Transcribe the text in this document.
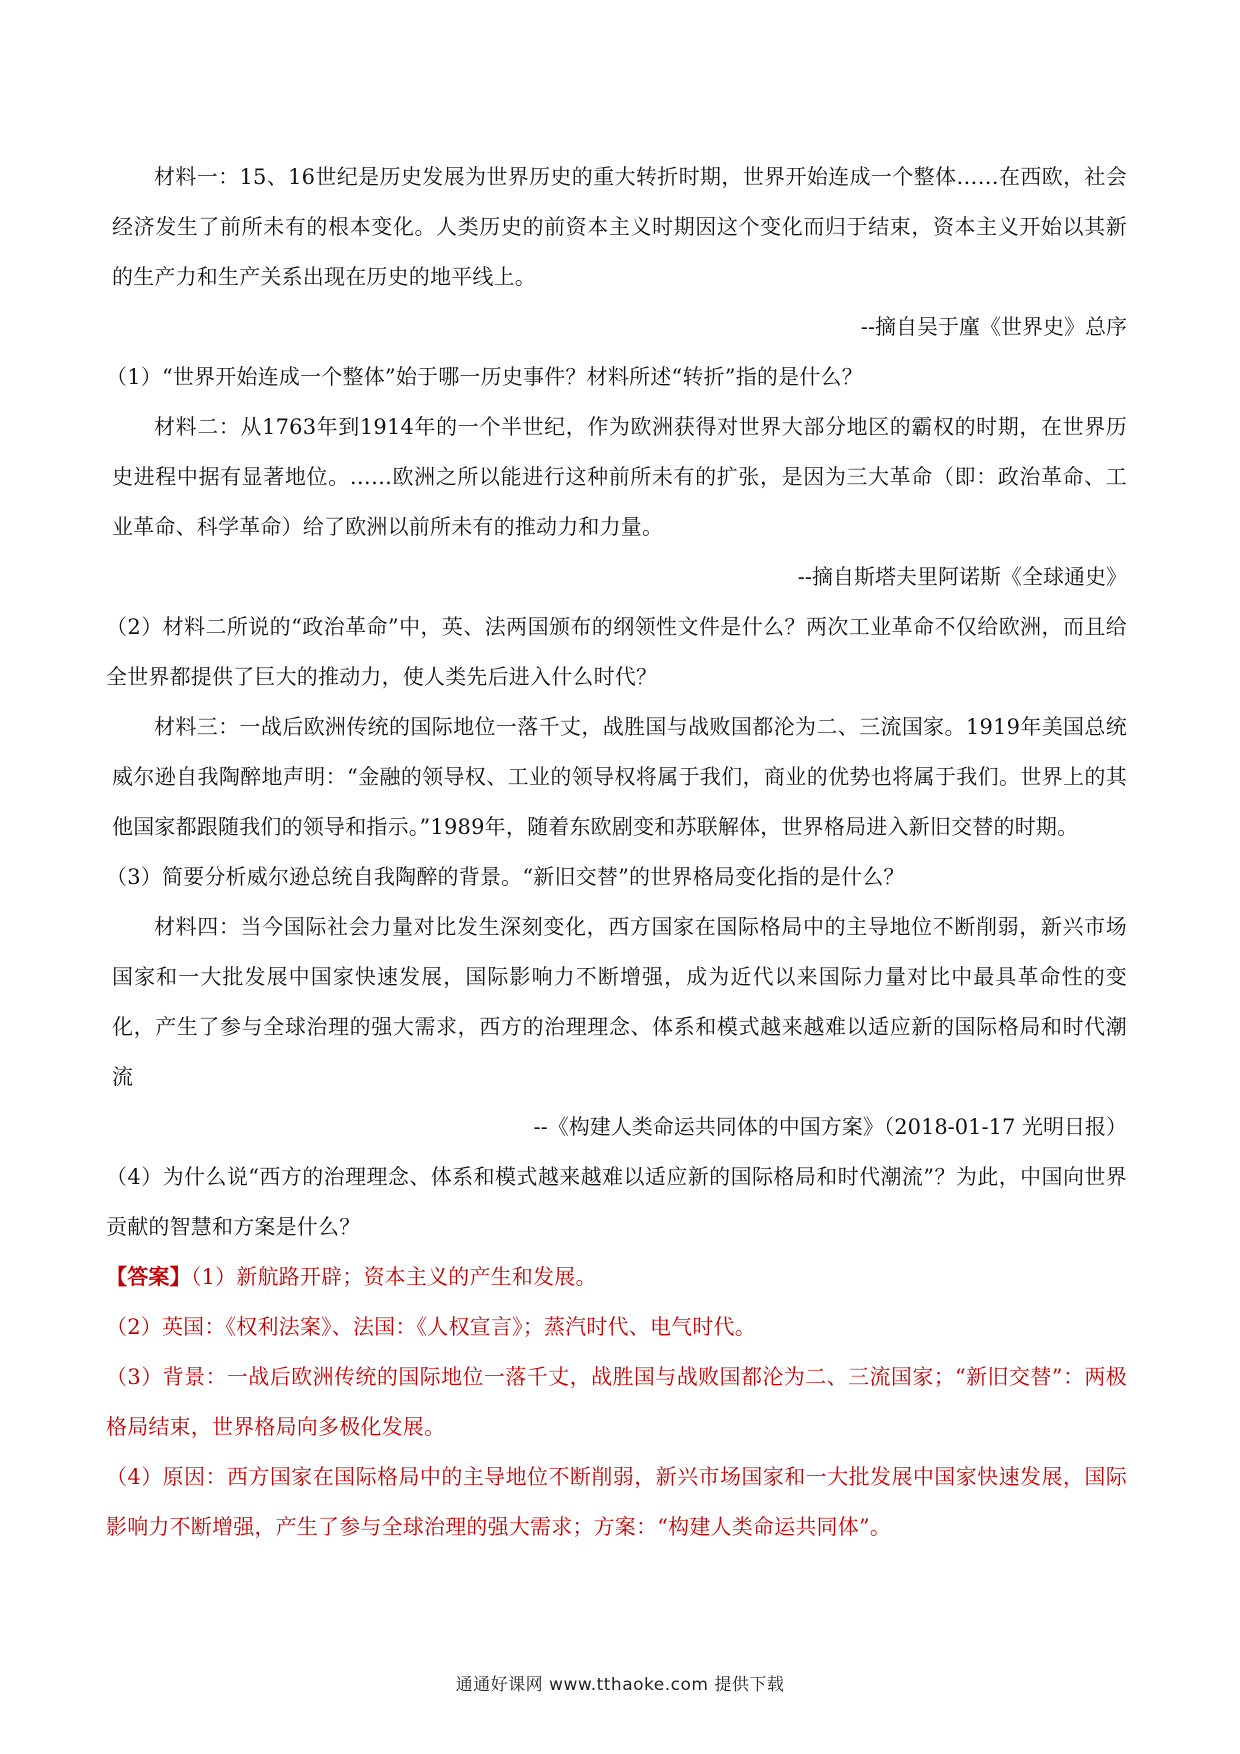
材料一：15、16世纪是历史发展为世界历史的重大转折时期，世界开始连成一个整体……在西欧，社会经济发生了前所未有的根本变化。人类历史的前资本主义时期因这个变化而归于结束，资本主义开始以其新的生产力和生产关系出现在历史的地平线上。

--摘自吴于廑《世界史》总序

（1）“世界开始连成一个整体”始于哪一历史事件？材料所述“转折”指的是什么？

材料二：从1763年到1914年的一个半世纪，作为欧洲获得对世界大部分地区的霸权的时期，在世界历史进程中据有显著地位。……欧洲之所以能进行这种前所未有的扩张，是因为三大革命（即：政治革命、工业革命、科学革命）给了欧洲以前所未有的推动力和力量。

--摘自斯塔夫里阿诺斯《全球通史》

（2）材料二所说的“政治革命”中，英、法两国颁布的纲领性文件是什么？两次工业革命不仅给欧洲，而且给全世界都提供了巨大的推动力，使人类先后进入什么时代？

材料三：一战后欧洲传统的国际地位一落千丈，战胜国与战败国都沦为二、三流国家。1919年美国总统威尔逊自我陶醉地声明：“金融的领导权、工业的领导权将属于我们，商业的优势也将属于我们。世界上的其他国家都跟随我们的领导和指示。”1989年，随着东欧剧变和苏联解体，世界格局进入新旧交替的时期。

（3）简要分析威尔逊总统自我陶醉的背景。“新旧交替”的世界格局变化指的是什么？

材料四：当今国际社会力量对比发生深刻变化，西方国家在国际格局中的主导地位不断削弱，新兴市场国家和一大批发展中国家快速发展，国际影响力不断增强，成为近代以来国际力量对比中最具革命性的变化，产生了参与全球治理的强大需求，西方的治理理念、体系和模式越来越难以适应新的国际格局和时代潮流

--《构建人类命运共同体的中国方案》（2018-01-17 光明日报）

（4）为什么说“西方的治理理念、体系和模式越来越难以适应新的国际格局和时代潮流”？为此，中国向世界贡献的智慧和方案是什么？

【答案】（1）新航路开辟；资本主义的产生和发展。

（2）英国：《权利法案》、法国：《人权宣言》；蒸汽时代、电气时代。

（3）背景：一战后欧洲传统的国际地位一落千丈，战胜国与战败国都沦为二、三流国家；“新旧交替”：两极格局结束，世界格局向多极化发展。

（4）原因：西方国家在国际格局中的主导地位不断削弱，新兴市场国家和一大批发展中国家快速发展，国际影响力不断增强，产生了参与全球治理的强大需求；方案：“构建人类命运共同体”。

通通好课网 www.tthaoke.com 提供下载
